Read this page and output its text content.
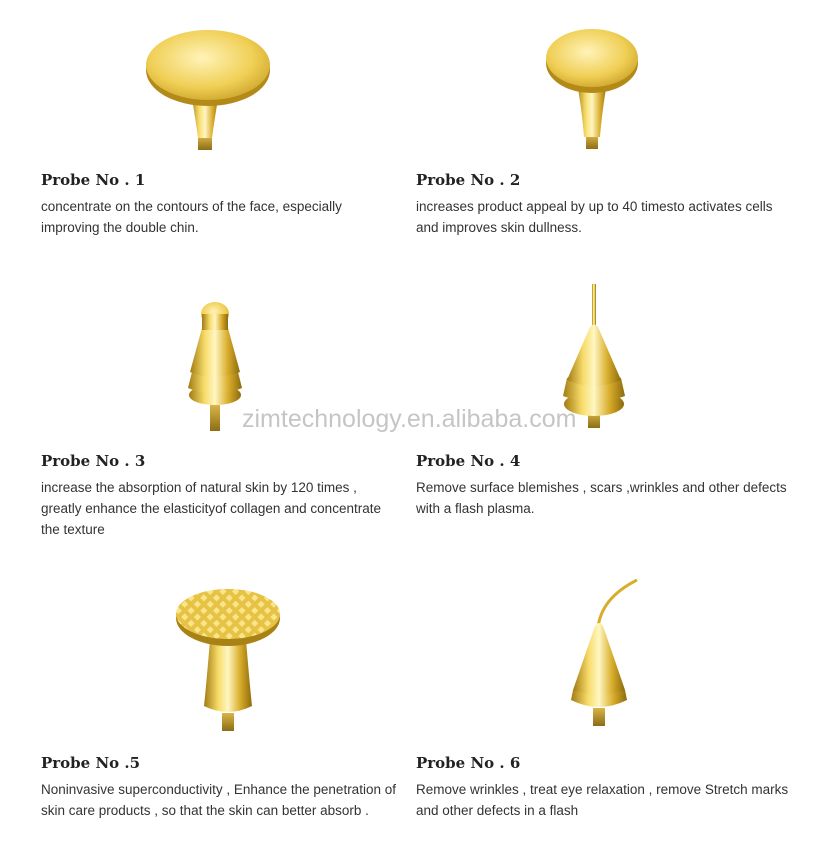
Probe No . 1
concentrate on the contours of the face, especially improving the double chin.
Probe No . 2
increases product appeal by up to 40 timesto activates cells and improves skin dullness.
Probe No . 3
increase the absorption of natural skin by 120 times , greatly enhance the elasticityof collagen and concentrate the texture
Probe No . 4
Remove surface blemishes , scars ,wrinkles and other defects with a flash plasma.
Probe No .5
Noninvasive superconductivity , Enhance the penetration of skin care products , so that the skin can better absorb .
Probe No . 6
Remove wrinkles , treat eye relaxation , remove Stretch marks and other defects in a flash
zimtechnology.en.alibaba.com
